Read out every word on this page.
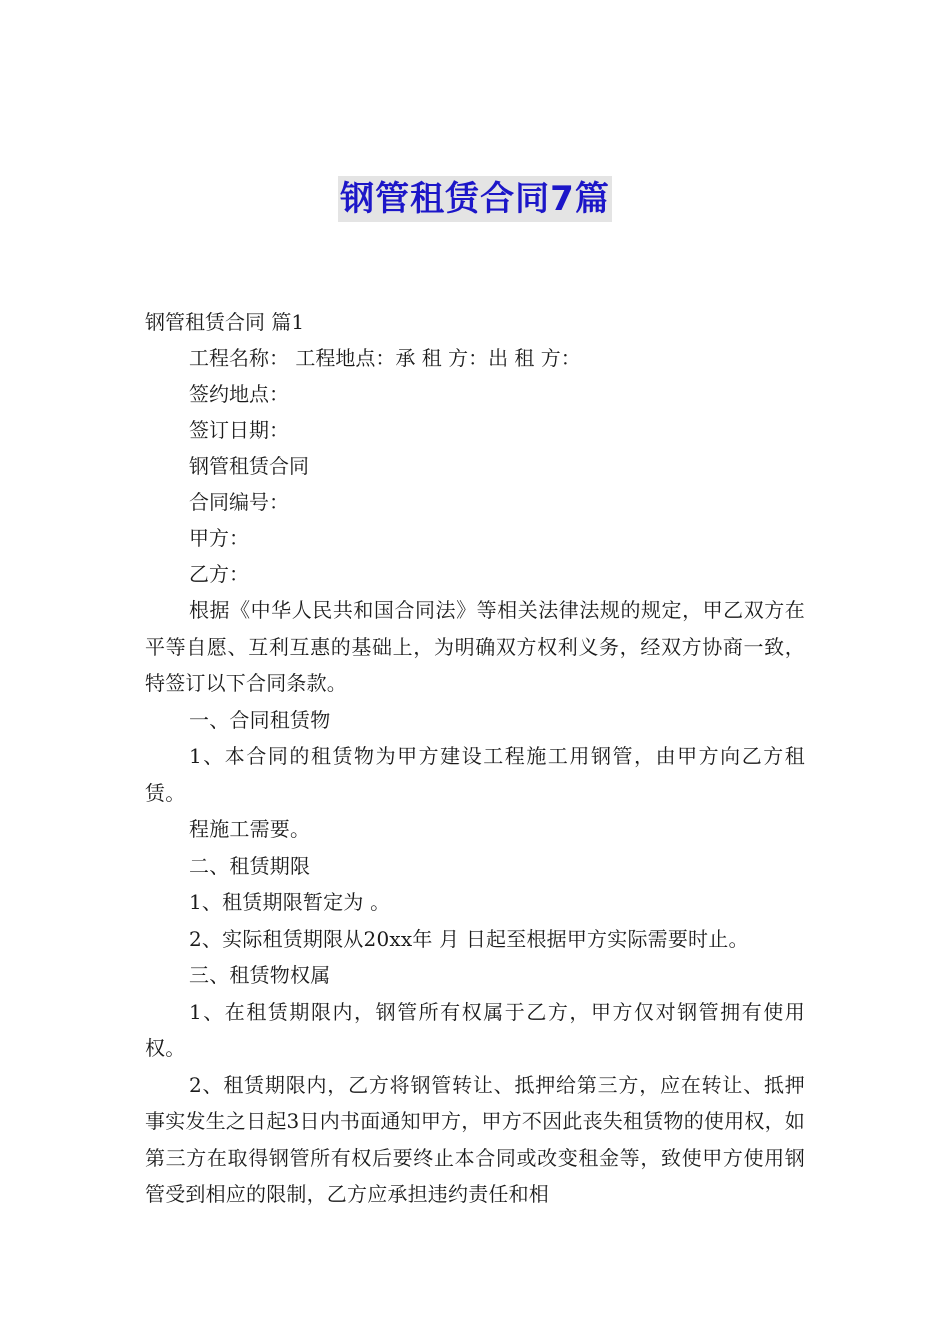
钢管租赁合同7篇

钢管租赁合同 篇1

工程名称： 工程地点：承 租 方：出 租 方：

签约地点：

签订日期：

钢管租赁合同

合同编号：

甲方：

乙方：

根据《中华人民共和国合同法》等相关法律法规的规定，甲乙双方在平等自愿、互利互惠的基础上，为明确双方权利义务，经双方协商一致，特签订以下合同条款。

一、合同租赁物

1、本合同的租赁物为甲方建设工程施工用钢管，由甲方向乙方租赁。

程施工需要。

二、租赁期限

1、租赁期限暂定为 。

2、实际租赁期限从20xx年 月 日起至根据甲方实际需要时止。

三、租赁物权属

1、在租赁期限内，钢管所有权属于乙方，甲方仅对钢管拥有使用权。

2、租赁期限内，乙方将钢管转让、抵押给第三方，应在转让、抵押事实发生之日起3日内书面通知甲方，甲方不因此丧失租赁物的使用权，如第三方在取得钢管所有权后要终止本合同或改变租金等，致使甲方使用钢管受到相应的限制，乙方应承担违约责任和相
